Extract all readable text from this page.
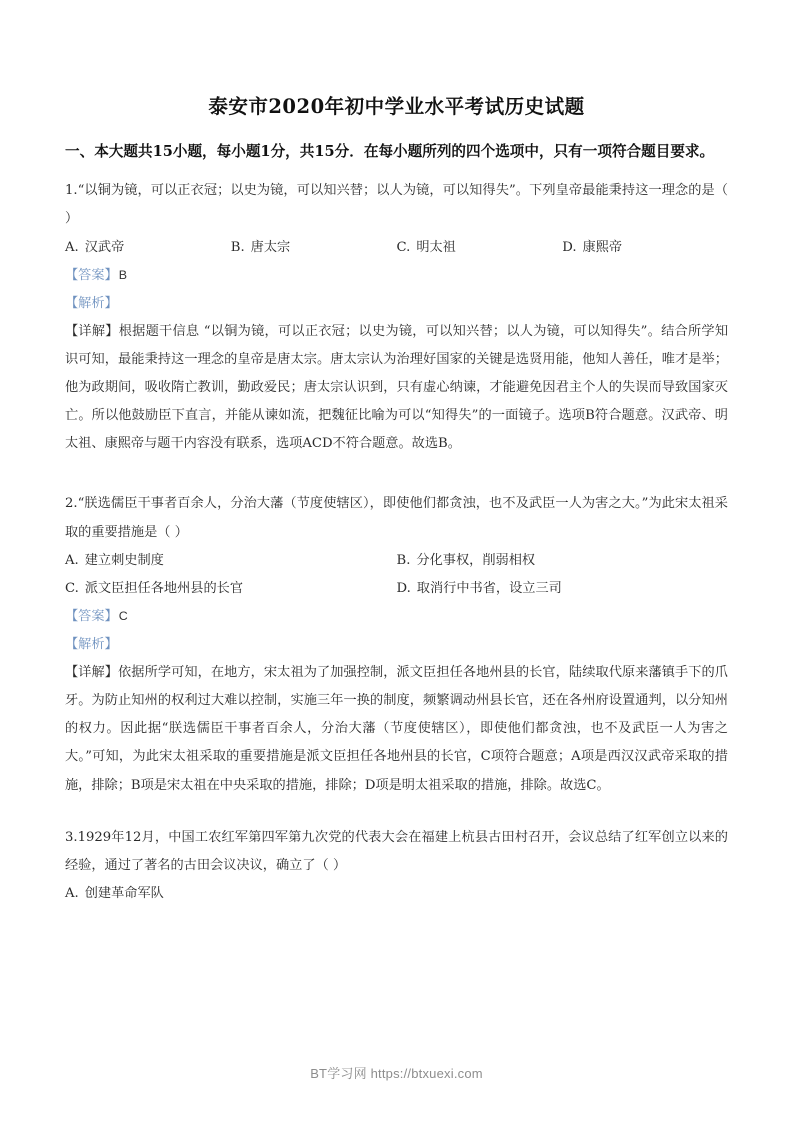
泰安市2020年初中学业水平考试历史试题
一、本大题共15小题，每小题1分，共15分．在每小题所列的四个选项中，只有一项符合题目要求。
1.“以铜为镜，可以正衣冠；以史为镜，可以知兴替；以人为镜，可以知得失”。下列皇帝最能秉持这一理念的是（ ）
A. 汉武帝	B. 唐太宗	C. 明太祖	D. 康熙帝
【答案】B
【解析】
【详解】根据题干信息 “以铜为镜，可以正衣冠；以史为镜，可以知兴替；以人为镜，可以知得失”。结合所学知识可知，最能秉持这一理念的皇帝是唐太宗。唐太宗认为治理好国家的关键是选贤用能，他知人善任，唯才是举；他为政期间，吸收隋亡教训，勤政爱民；唐太宗认识到，只有虚心纳谏，才能避免因君主个人的失误而导致国家灭亡。所以他鼓励臣下直言，并能从谏如流，把魏征比喻为可以“知得失”的一面镜子。选项B符合题意。汉武帝、明太祖、康熙帝与题干内容没有联系，选项ACD不符合题意。故选B。
2.“朕选儒臣干事者百余人，分治大藩（节度使辖区），即使他们都贪浊，也不及武臣一人为害之大。”为此宋太祖采取的重要措施是（ ）
A. 建立刺史制度	B. 分化事权，削弱相权
C. 派文臣担任各地州县的长官	D. 取消行中书省，设立三司
【答案】C
【解析】
【详解】依据所学可知，在地方，宋太祖为了加强控制，派文臣担任各地州县的长官，陆续取代原来藩镇手下的爪牙。为防止知州的权利过大难以控制，实施三年一换的制度，频繁调动州县长官，还在各州府设置通判，以分知州的权力。因此据“朕选儒臣干事者百余人，分治大藩（节度使辖区），即使他们都贪浊，也不及武臣一人为害之大。”可知，为此宋太祖采取的重要措施是派文臣担任各地州县的长官，C项符合题意；A项是西汉汉武帝采取的措施，排除；B项是宋太祖在中央采取的措施，排除；D项是明太祖采取的措施，排除。故选C。
3.1929年12月，中国工农红军第四军第九次党的代表大会在福建上杭县古田村召开，会议总结了红军创立以来的经验，通过了著名的古田会议决议，确立了（ ）
A. 创建革命军队
BT学习网 https://btxuexi.com
